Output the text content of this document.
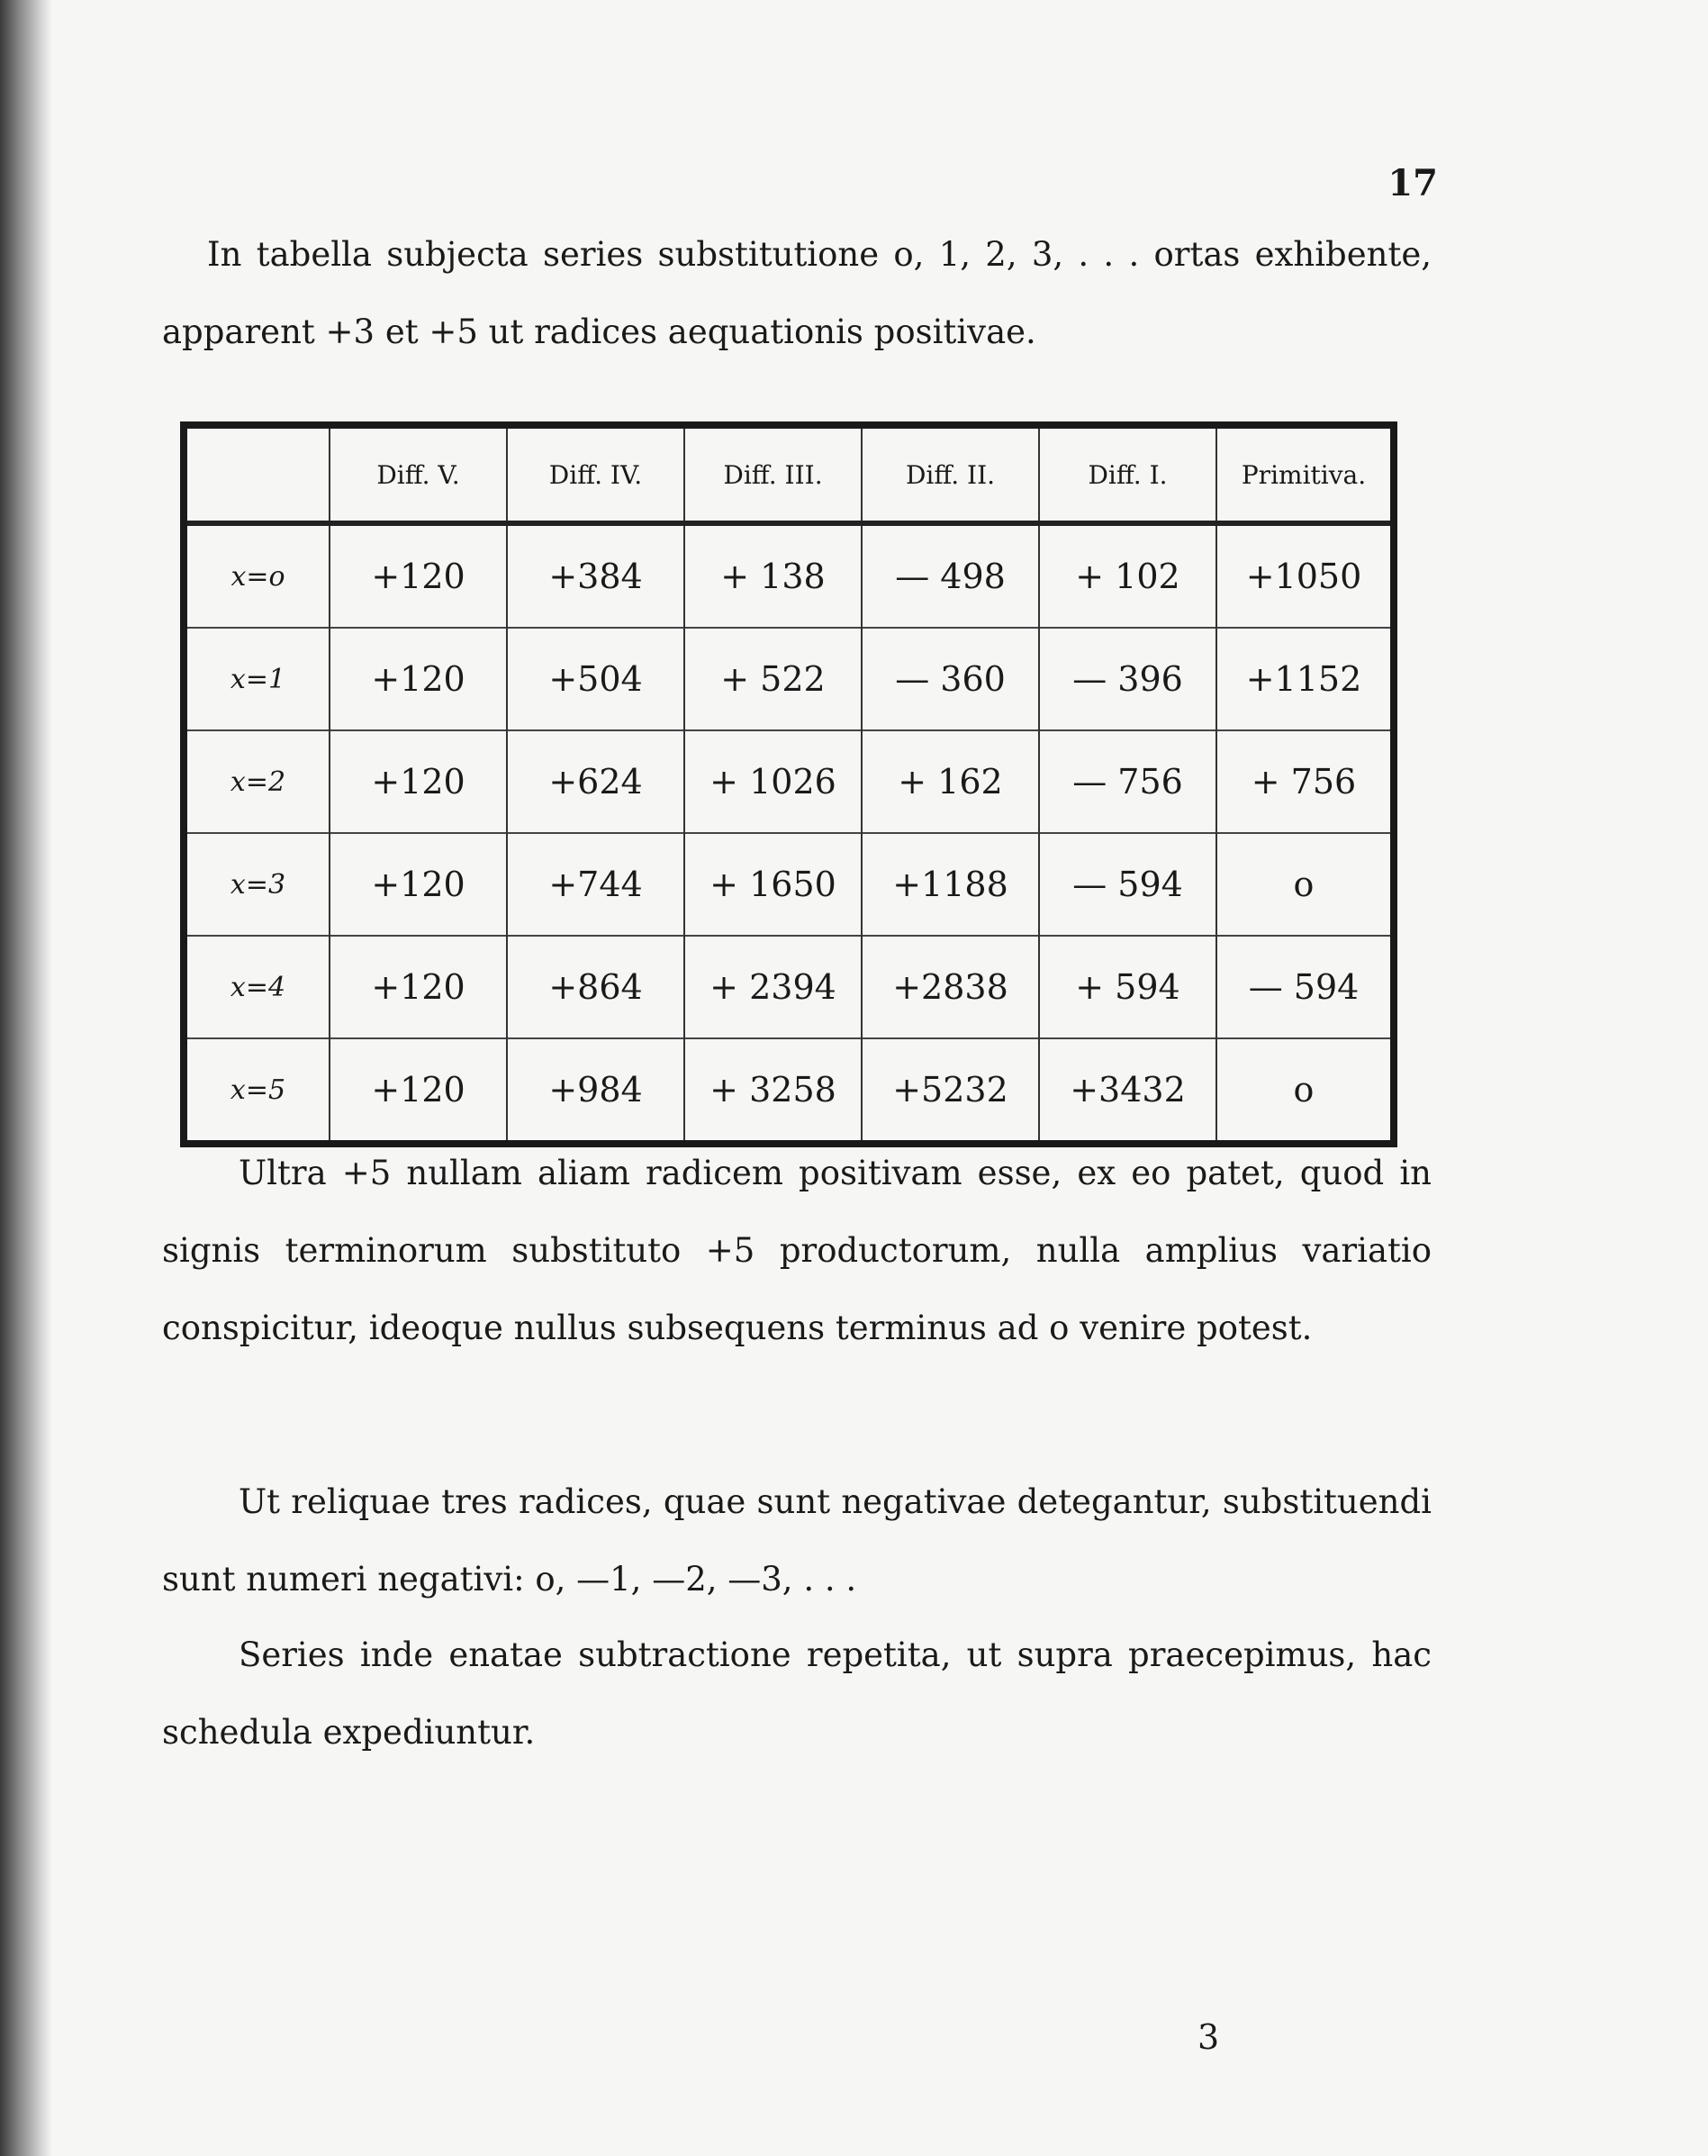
17

In tabella subjecta series substitutione o, 1, 2, 3, . . . ortas exhibente, apparent +3 et +5 ut radices aequationis positivae.

	Diff. V.	Diff. IV.	Diff. III.	Diff. II.	Diff. I.	Primitiva.
x=o	+120	+384	+ 138	— 498	+ 102	+1050
x=1	+120	+504	+ 522	— 360	— 396	+1152
x=2	+120	+624	+ 1026	+ 162	— 756	+ 756
x=3	+120	+744	+ 1650	+1188	— 594	o
x=4	+120	+864	+ 2394	+2838	+ 594	— 594
x=5	+120	+984	+ 3258	+5232	+3432	o

Ultra +5 nullam aliam radicem positivam esse, ex eo patet, quod in signis terminorum substituto +5 productorum, nulla amplius variatio conspicitur, ideoque nullus subsequens terminus ad o venire potest.

Ut reliquae tres radices, quae sunt negativae detegantur, substituendi sunt numeri negativi: o, —1, —2, —3, . . .

Series inde enatae subtractione repetita, ut supra praecepimus, hac schedula expediuntur.

3
